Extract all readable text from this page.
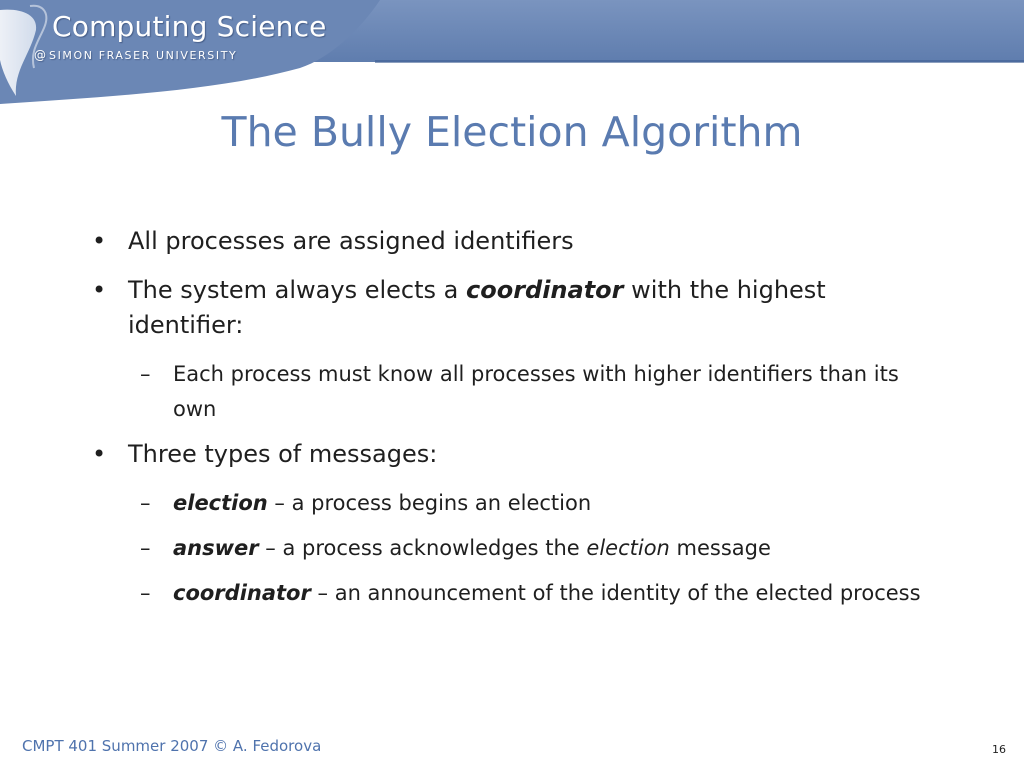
Computing Science
@ SIMON FRASER UNIVERSITY
The Bully Election Algorithm
• All processes are assigned identifiers
• The system always elects a coordinator with the highest identifier:
– Each process must know all processes with higher identifiers than its own
• Three types of messages:
– election – a process begins an election
– answer – a process acknowledges the election message
– coordinator – an announcement of the identity of the elected process
CMPT 401 Summer 2007 © A. Fedorova	16
